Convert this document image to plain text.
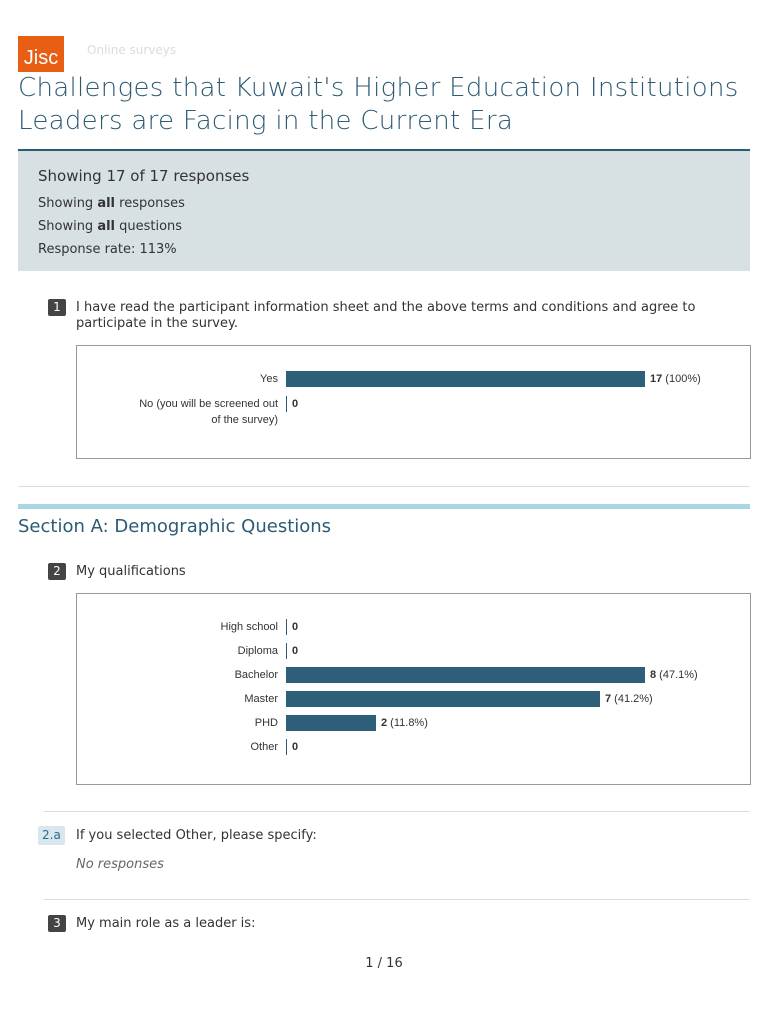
Jisc Online surveys
Challenges that Kuwait's Higher Education Institutions Leaders are Facing in the Current Era
Showing 17 of 17 responses
Showing all responses
Showing all questions
Response rate: 113%
1	I have read the participant information sheet and the above terms and conditions and agree to participate in the survey.
Yes	17 (100%)
No (you will be screened out of the survey)
0
Section A: Demographic Questions
2	My qualifications
High school 0
Diploma 0
Bachelor	8 (47.1%)
Master	7 (41.2%)
PHD	2 (11.8%)
Other 0
2.a	If you selected Other, please specify:
No responses
3	My main role as a leader is:
1 / 16
